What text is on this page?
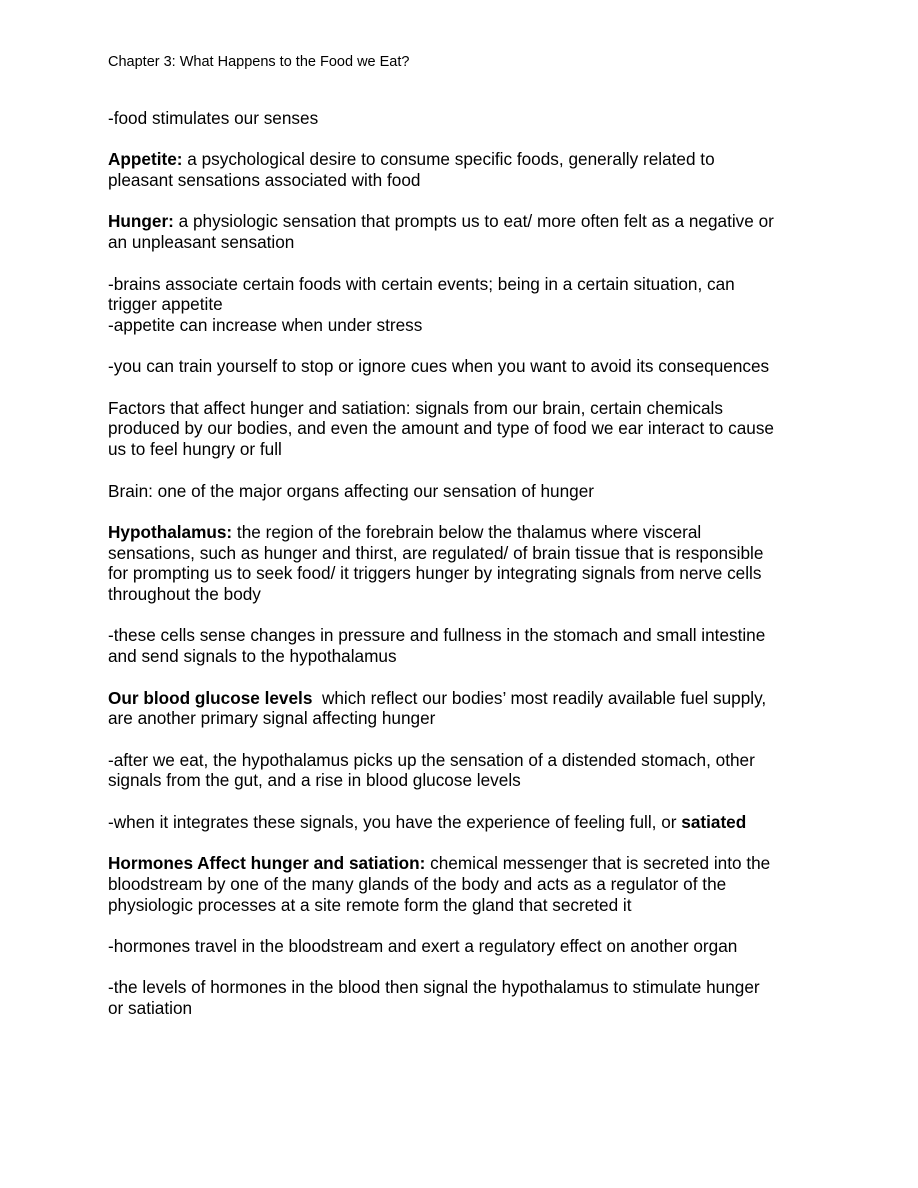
Chapter 3: What Happens to the Food we Eat?
-food stimulates our senses
Appetite: a psychological desire to consume specific foods, generally related to
pleasant sensations associated with food
Hunger: a physiologic sensation that prompts us to eat/ more often felt as a negative or
an unpleasant sensation
-brains associate certain foods with certain events; being in a certain situation, can
trigger appetite
-appetite can increase when under stress
-you can train yourself to stop or ignore cues when you want to avoid its consequences
Factors that affect hunger and satiation: signals from our brain, certain chemicals
produced by our bodies, and even the amount and type of food we ear interact to cause
us to feel hungry or full
Brain: one of the major organs affecting our sensation of hunger
Hypothalamus: the region of the forebrain below the thalamus where visceral
sensations, such as hunger and thirst, are regulated/ of brain tissue that is responsible
for prompting us to seek food/ it triggers hunger by integrating signals from nerve cells
throughout the body
-these cells sense changes in pressure and fullness in the stomach and small intestine
and send signals to the hypothalamus
Our blood glucose levels  which reflect our bodies’ most readily available fuel supply,
are another primary signal affecting hunger
-after we eat, the hypothalamus picks up the sensation of a distended stomach, other
signals from the gut, and a rise in blood glucose levels
-when it integrates these signals, you have the experience of feeling full, or satiated
Hormones Affect hunger and satiation: chemical messenger that is secreted into the
bloodstream by one of the many glands of the body and acts as a regulator of the
physiologic processes at a site remote form the gland that secreted it
-hormones travel in the bloodstream and exert a regulatory effect on another organ
-the levels of hormones in the blood then signal the hypothalamus to stimulate hunger
or satiation
